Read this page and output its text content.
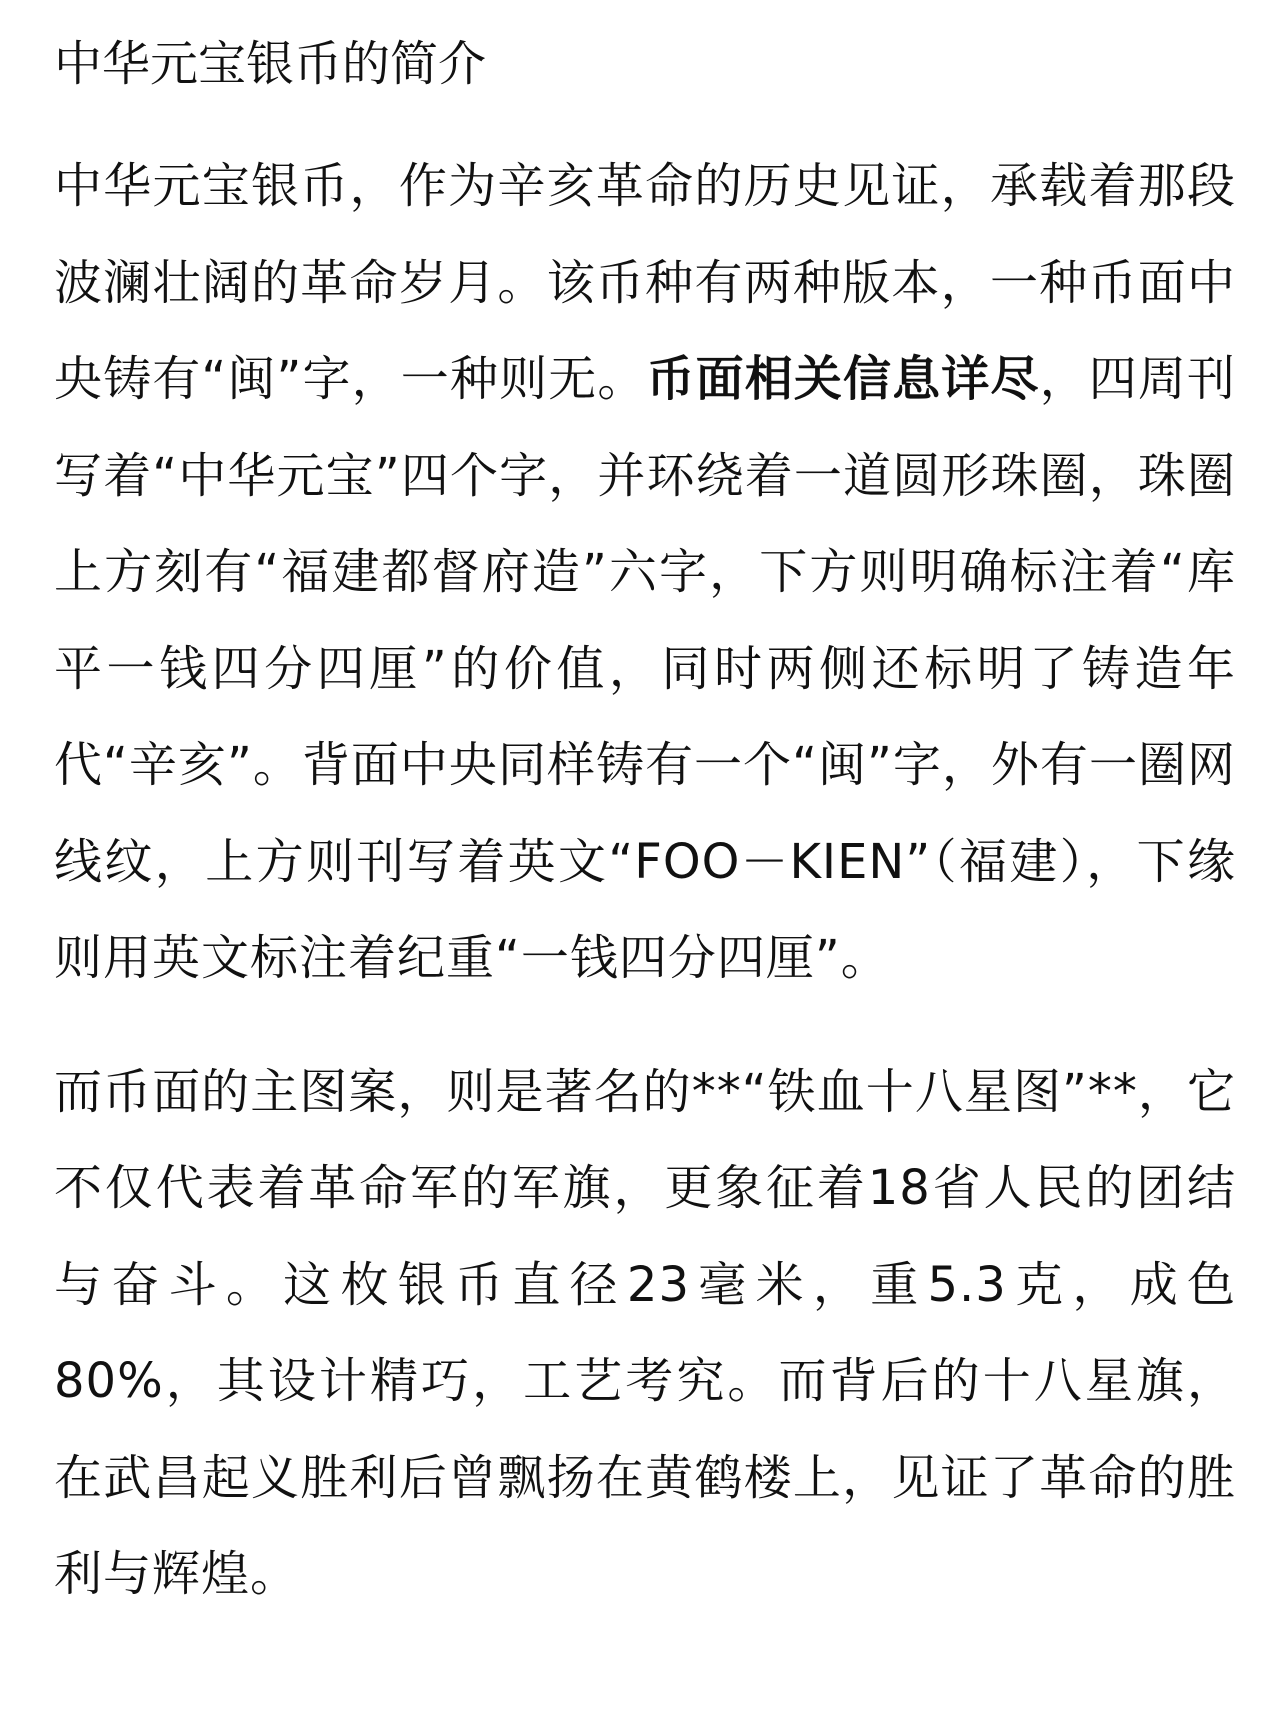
中华元宝银币的简介

中华元宝银币，作为辛亥革命的历史见证，承载着那段波澜壮阔的革命岁月。该币种有两种版本，一种币面中央铸有“闽”字，一种则无。币面相关信息详尽，四周刊写着“中华元宝”四个字，并环绕着一道圆形珠圈，珠圈上方刻有“福建都督府造”六字，下方则明确标注着“库平一钱四分四厘”的价值，同时两侧还标明了铸造年代“辛亥”。背面中央同样铸有一个“闽”字，外有一圈网线纹，上方则刊写着英文“FOO－KIEN”（福建），下缘则用英文标注着纪重“一钱四分四厘”。

而币面的主图案，则是著名的**“铁血十八星图”**，它不仅代表着革命军的军旗，更象征着18省人民的团结与奋斗。这枚银币直径23毫米，重5.3克，成色80%，其设计精巧，工艺考究。而背后的十八星旗，在武昌起义胜利后曾飘扬在黄鹤楼上，见证了革命的胜利与辉煌。
